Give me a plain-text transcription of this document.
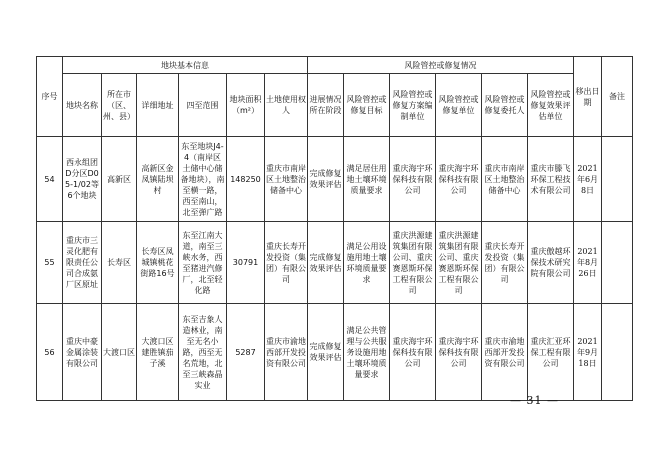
序号	地块基本信息						风险管控或修复情况						移出日期	备注
	地块名称	所在市（区、州、县）	详细地址	四至范围	地块面积（m²）	土地使用权人	进展情况所在阶段	风险管控或修复目标	风险管控或修复方案编制单位	风险管控或修复单位	风险管控或修复委托人	风险管控或修复效果评估单位		
54	西永组团D分区D05-1/02等6个地块	高新区	高新区金凤镇陆坝村	东至地块J4-4（南岸区土储中心储备地块），南至横一路，西至南山，北至弹广路	148250	重庆市南岸区土地整治储备中心	完成修复效果评估	满足居住用地土壤环境质量要求	重庆海宇环保科技有限公司	重庆海宇环保科技有限公司	重庆市南岸区土地整治储备中心	重庆市滕飞环保工程技术有限公司	2021年6月8日	
55	重庆市三灵化肥有限责任公司合成氨厂区原址	长寿区	长寿区凤城镇桃花街路16号	东至江南大道，南至三峡水务，西至猪进汽修厂，北至轻化路	30791	重庆长寿开发投资（集团）有限公司	完成修复效果评估	满足公用设施用地土壤环境质量要求	重庆洪源建筑集团有限公司、重庆赛恩斯环保工程有限公司	重庆洪源建筑集团有限公司、重庆赛恩斯环保工程有限公司	重庆长寿开发投资（集团）有限公司	重庆傲越环保技术研究院有限公司	2021年8月26日	
56	重庆中豪金属涂装有限公司	大渡口区	大渡口区建胜镇茄子溪	东至吉象人造林业，南至无名小路，西至无名荒地，北至三峡森晶实业	5287	重庆市渝地西部开发投资有限公司	完成修复效果评估	满足公共管理与公共服务设施用地土壤环境质量要求	重庆海宇环保科技有限公司	重庆海宇环保科技有限公司	重庆市渝地西部开发投资有限公司	重庆汇亚环保工程有限公司	2021年9月18日	
— 31 —
